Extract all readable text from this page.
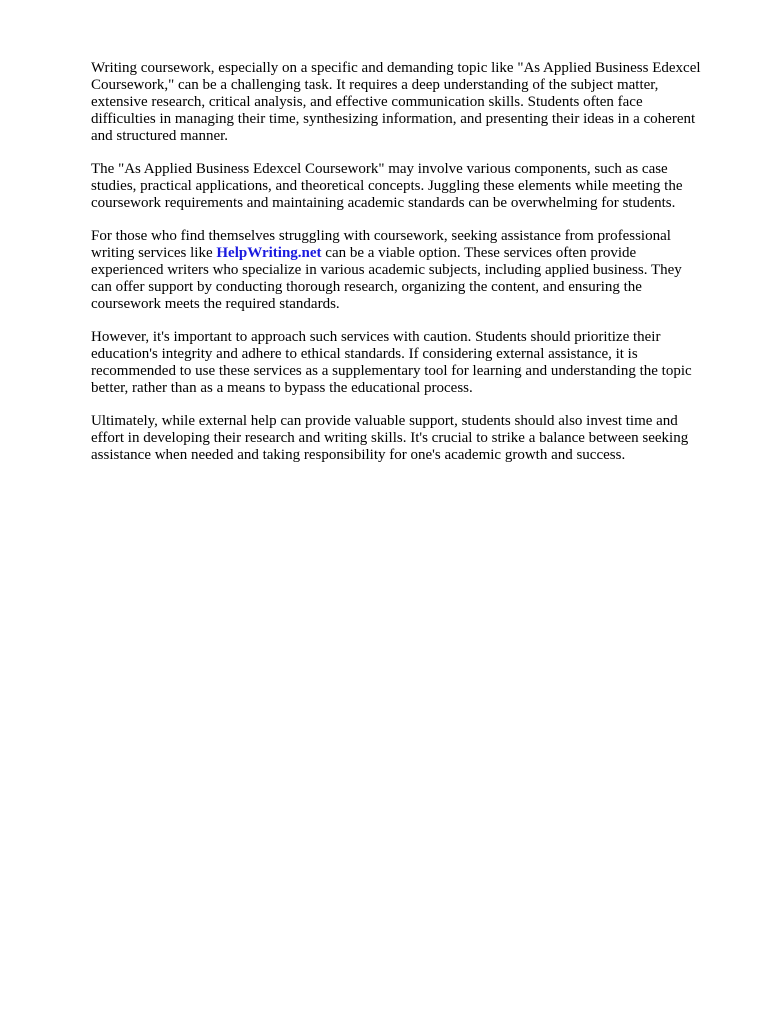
Writing coursework, especially on a specific and demanding topic like "As Applied Business Edexcel
Coursework," can be a challenging task. It requires a deep understanding of the subject matter,
extensive research, critical analysis, and effective communication skills. Students often face
difficulties in managing their time, synthesizing information, and presenting their ideas in a coherent
and structured manner.

The "As Applied Business Edexcel Coursework" may involve various components, such as case
studies, practical applications, and theoretical concepts. Juggling these elements while meeting the
coursework requirements and maintaining academic standards can be overwhelming for students.

For those who find themselves struggling with coursework, seeking assistance from professional
writing services like HelpWriting.net can be a viable option. These services often provide
experienced writers who specialize in various academic subjects, including applied business. They
can offer support by conducting thorough research, organizing the content, and ensuring the
coursework meets the required standards.

However, it's important to approach such services with caution. Students should prioritize their
education's integrity and adhere to ethical standards. If considering external assistance, it is
recommended to use these services as a supplementary tool for learning and understanding the topic
better, rather than as a means to bypass the educational process.

Ultimately, while external help can provide valuable support, students should also invest time and
effort in developing their research and writing skills. It's crucial to strike a balance between seeking
assistance when needed and taking responsibility for one's academic growth and success.
